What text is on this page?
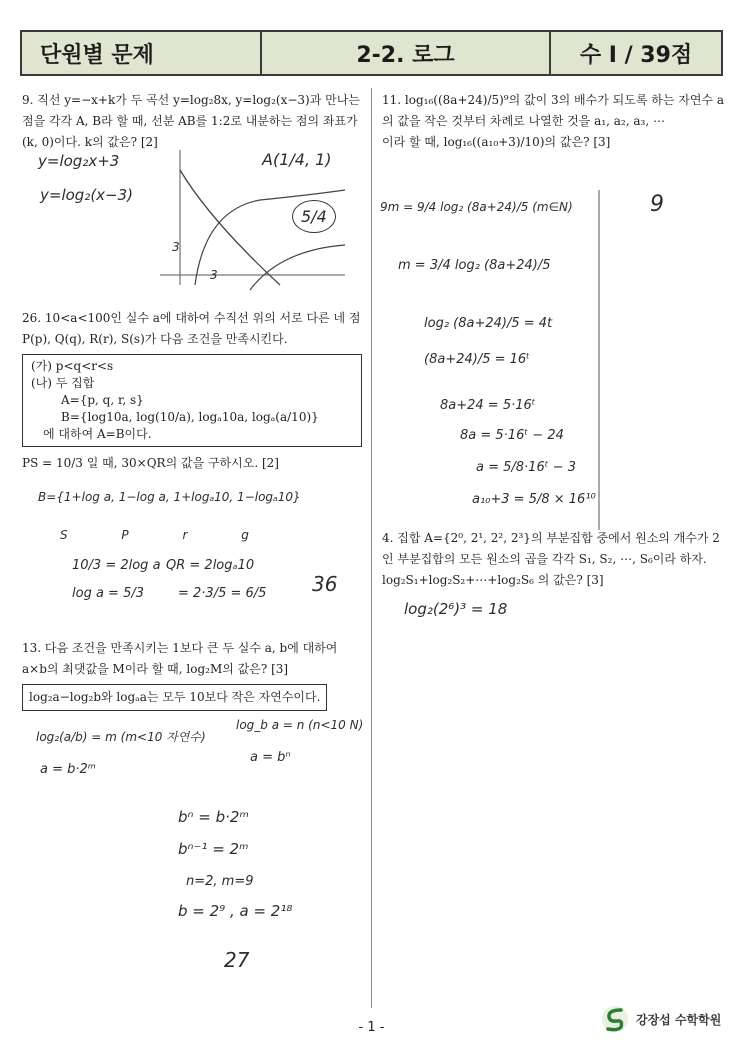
단원별 문제	2-2. 로그	수 I / 39점
9. 직선 y=−x+k가 두 곡선 y=log₂8x, y=log₂(x−3)과 만나는 점을 각각 A, B라 할 때, 선분 AB를 1:2로 내분하는 점의 좌표가 (k, 0)이다. k의 값은? [2]
y=log₂x+3
y=log₂(x−3)
A(1/4, 1)
5/4
3
3
26. 10<a<100인 실수 a에 대하여 수직선 위의 서로 다른 네 점 P(p), Q(q), R(r), S(s)가 다음 조건을 만족시킨다.
(가) p<q<r<s
(나) 두 집합
A={p, q, r, s}
B={log10a, log(10/a), logₐ10a, logₐ(a/10)}
에 대하여 A=B이다.
PS = 10/3 일 때, 30×QR의 값을 구하시오. [2]
B={1+log a, 1−log a, 1+logₐ10, 1−logₐ10}
S P r g
10/3 = 2log a
log a = 5/3
QR = 2logₐ10
= 2·3/5 = 6/5 36
13. 다음 조건을 만족시키는 1보다 큰 두 실수 a, b에 대하여 a×b의 최댓값을 M이라 할 때, log₂M의 값은? [3]
log₂a−log₂b와 logₐa는 모두 10보다 작은 자연수이다.
log₂(a/b) = m (m<10 자연수)
a = b·2ᵐ
log_b a = n (n<10 N)
a = bⁿ
bⁿ = b·2ᵐ
bⁿ⁻¹ = 2ᵐ
n=2, m=9
b = 2⁹ , a = 2¹⁸
27
11. log₁₆((8a+24)/5)⁹의 값이 3의 배수가 되도록 하는 자연수 a의 값을 작은 것부터 차례로 나열한 것을 a₁, a₂, a₃, ⋯
이라 할 때, log₁₆((a₁₀+3)/10)의 값은? [3]
9m = 9/4 log₂ (8a+24)/5 (m∈N)
m = 3/4 log₂ (8a+24)/5
log₂ (8a+24)/5 = 4t
(8a+24)/5 = 16ᵗ
8a+24 = 5·16ᵗ
8a = 5·16ᵗ − 24
a = 5/8·16ᵗ − 3
a₁₀+3 = 5/8 × 16¹⁰
9
4. 집합 A={2⁰, 2¹, 2², 2³}의 부분집합 중에서 원소의 개수가 2인 부분집합의 모든 원소의 곱을 각각 S₁, S₂, ⋯, S₆이라 하자. log₂S₁+log₂S₂+⋯+log₂S₆ 의 값은? [3]
log₂(2⁶)³ = 18
- 1 -
강장섭 수학학원
